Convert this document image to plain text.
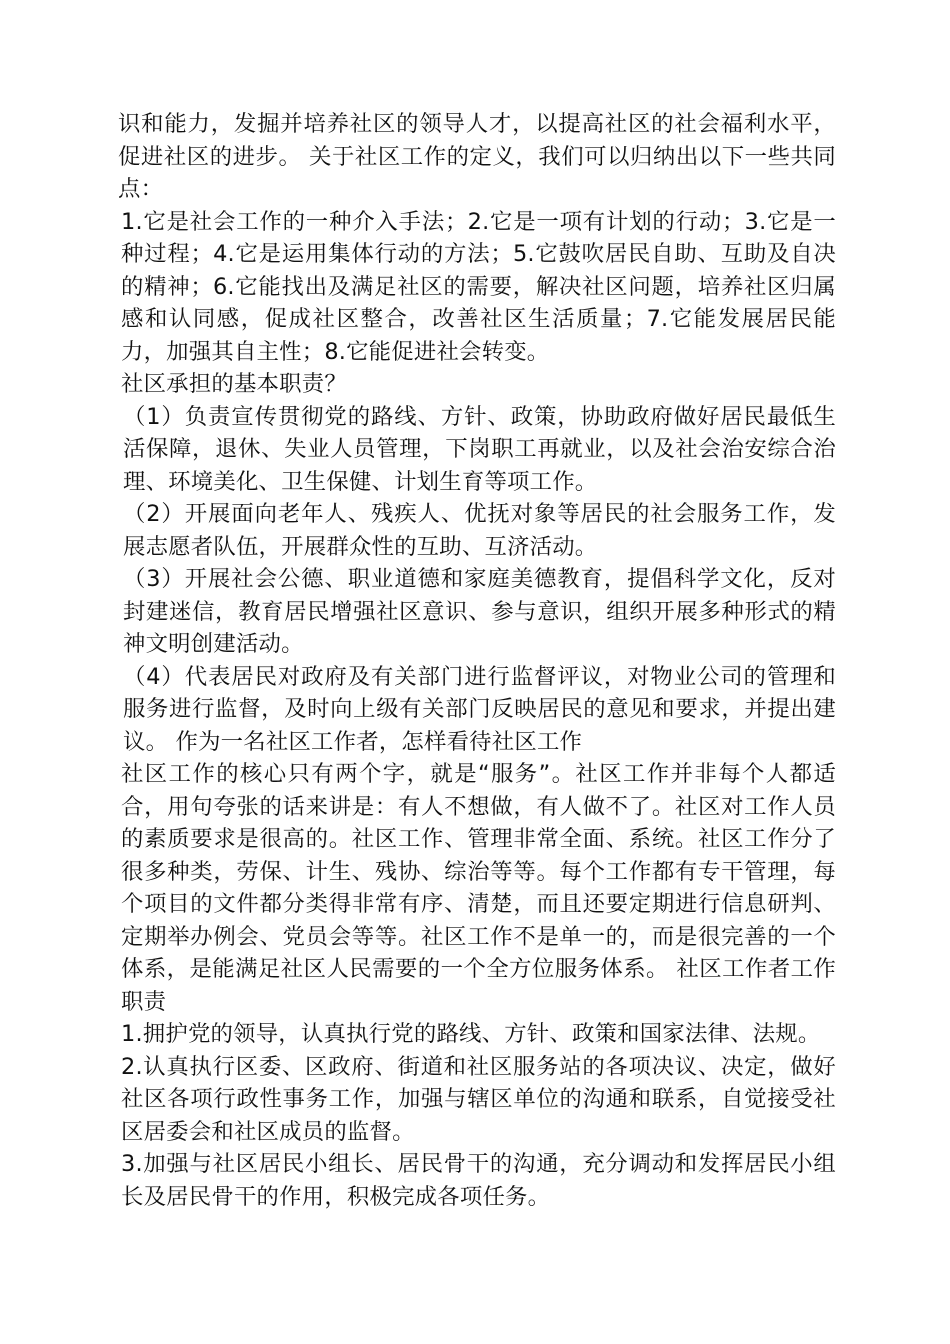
识和能力，发掘并培养社区的领导人才，以提高社区的社会福利水平，促进社区的进步。 关于社区工作的定义，我们可以归纳出以下一些共同点：

1.它是社会工作的一种介入手法；2.它是一项有计划的行动；3.它是一种过程；4.它是运用集体行动的方法；5.它鼓吹居民自助、互助及自决的精神；6.它能找出及满足社区的需要，解决社区问题，培养社区归属感和认同感，促成社区整合，改善社区生活质量；7.它能发展居民能力，加强其自主性；8.它能促进社会转变。

社区承担的基本职责？

（1）负责宣传贯彻党的路线、方针、政策，协助政府做好居民最低生活保障，退休、失业人员管理，下岗职工再就业，以及社会治安综合治理、环境美化、卫生保健、计划生育等项工作。

（2）开展面向老年人、残疾人、优抚对象等居民的社会服务工作，发展志愿者队伍，开展群众性的互助、互济活动。

（3）开展社会公德、职业道德和家庭美德教育，提倡科学文化，反对封建迷信，教育居民增强社区意识、参与意识，组织开展多种形式的精神文明创建活动。

（4）代表居民对政府及有关部门进行监督评议，对物业公司的管理和服务进行监督，及时向上级有关部门反映居民的意见和要求，并提出建议。 作为一名社区工作者，怎样看待社区工作

社区工作的核心只有两个字，就是“服务”。社区工作并非每个人都适合，用句夸张的话来讲是：有人不想做，有人做不了。社区对工作人员的素质要求是很高的。社区工作、管理非常全面、系统。社区工作分了很多种类，劳保、计生、残协、综治等等。每个工作都有专干管理，每个项目的文件都分类得非常有序、清楚，而且还要定期进行信息研判、定期举办例会、党员会等等。社区工作不是单一的，而是很完善的一个体系，是能满足社区人民需要的一个全方位服务体系。 社区工作者工作职责

1.拥护党的领导，认真执行党的路线、方针、政策和国家法律、法规。

2.认真执行区委、区政府、街道和社区服务站的各项决议、决定，做好社区各项行政性事务工作，加强与辖区单位的沟通和联系，自觉接受社区居委会和社区成员的监督。

3.加强与社区居民小组长、居民骨干的沟通，充分调动和发挥居民小组长及居民骨干的作用，积极完成各项任务。
